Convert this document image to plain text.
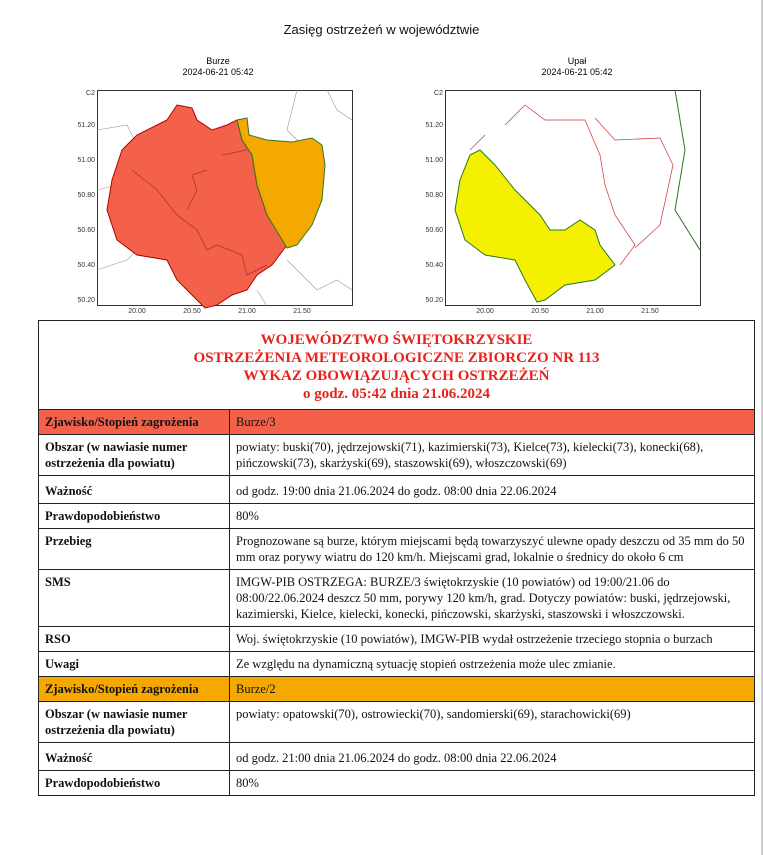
Zasięg ostrzeżeń w województwie
Burze
2024-06-21 05:42
Upał
2024-06-21 05:42
C2
51.20
51.00
50.80
50.60
50.40
50.20
20.00	20.50	21.00	21.50
C2
51.20
51.00
50.80
50.60
50.40
50.20
20.00	20.50	21.00	21.50
WOJEWÓDZTWO ŚWIĘTOKRZYSKIE
OSTRZEŻENIA METEOROLOGICZNE ZBIORCZO NR 113
WYKAZ OBOWIĄZUJĄCYCH OSTRZEŻEŃ
o godz. 05:42 dnia 21.06.2024	

Zjawisko/Stopień zagrożenia	Burze/3
Obszar (w nawiasie numer ostrzeżenia dla powiatu)	powiaty: buski(70), jędrzejowski(71), kazimierski(73), Kielce(73), kielecki(73), konecki(68), pińczowski(73), skarżyski(69), staszowski(69), włoszczowski(69)
Ważność	od godz. 19:00 dnia 21.06.2024 do godz. 08:00 dnia 22.06.2024
Prawdopodobieństwo	80%
Przebieg	Prognozowane są burze, którym miejscami będą towarzyszyć ulewne opady deszczu od 35 mm do 50 mm oraz porywy wiatru do 120 km/h. Miejscami grad, lokalnie o średnicy do około 6 cm
SMS	IMGW-PIB OSTRZEGA: BURZE/3 świętokrzyskie (10 powiatów) od 19:00/21.06 do 08:00/22.06.2024 deszcz 50 mm, porywy 120 km/h, grad. Dotyczy powiatów: buski, jędrzejowski, kazimierski, Kielce, kielecki, konecki, pińczowski, skarżyski, staszowski i włoszczowski.
RSO	Woj. świętokrzyskie (10 powiatów), IMGW-PIB wydał ostrzeżenie trzeciego stopnia o burzach
Uwagi	Ze względu na dynamiczną sytuację stopień ostrzeżenia może ulec zmianie.
Zjawisko/Stopień zagrożenia	Burze/2
Obszar (w nawiasie numer ostrzeżenia dla powiatu)	powiaty: opatowski(70), ostrowiecki(70), sandomierski(69), starachowicki(69)
Ważność	od godz. 21:00 dnia 21.06.2024 do godz. 08:00 dnia 22.06.2024
Prawdopodobieństwo	80%
